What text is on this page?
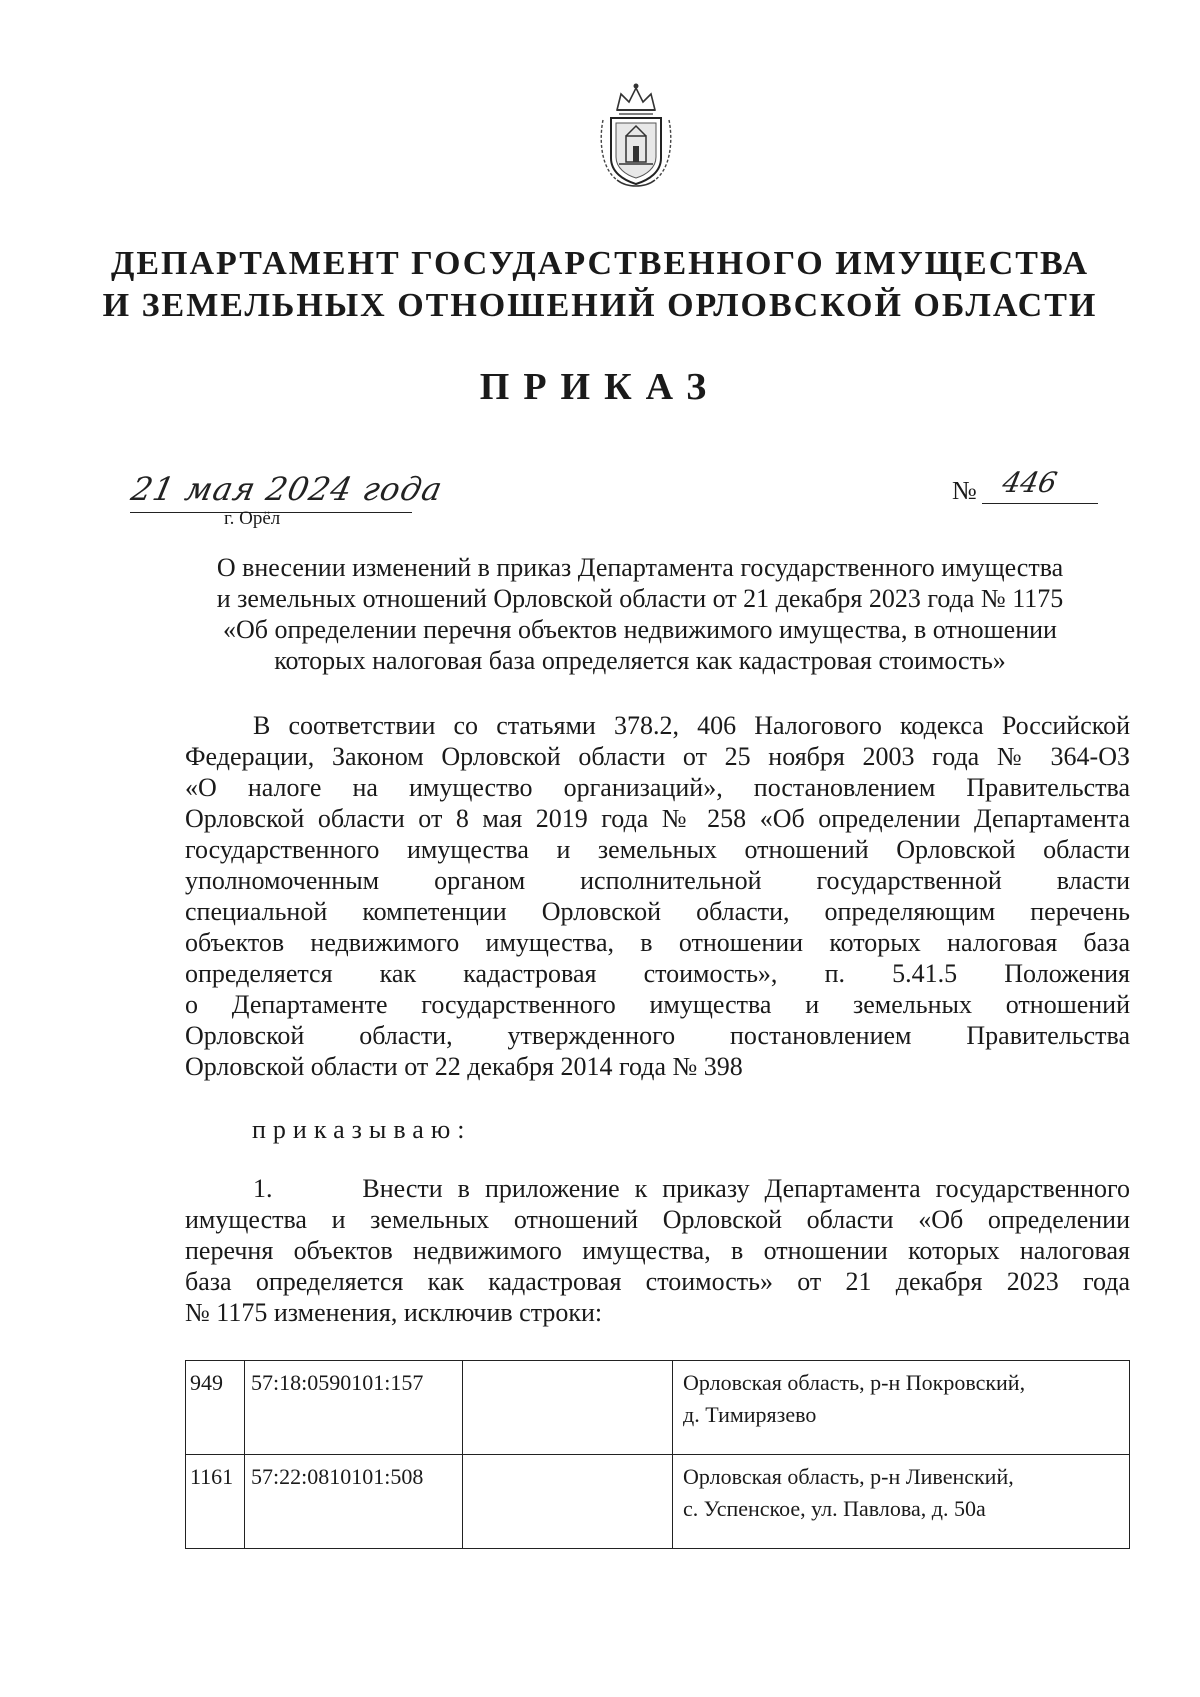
ДЕПАРТАМЕНТ ГОСУДАРСТВЕННОГО ИМУЩЕСТВА
И ЗЕМЕЛЬНЫХ ОТНОШЕНИЙ ОРЛОВСКОЙ ОБЛАСТИ
ПРИКАЗ
21 мая 2024 года
г. Орёл
№ 446
О внесении изменений в приказ Департамента государственного имущества
и земельных отношений Орловской области от 21 декабря 2023 года № 1175
«Об определении перечня объектов недвижимого имущества, в отношении
которых налоговая база определяется как кадастровая стоимость»
В соответствии со статьями 378.2, 406 Налогового кодекса Российской
Федерации, Законом Орловской области от 25 ноября 2003 года № 364-ОЗ
«О налоге на имущество организаций», постановлением Правительства
Орловской области от 8 мая 2019 года № 258 «Об определении Департамента
государственного имущества и земельных отношений Орловской области
уполномоченным органом исполнительной государственной власти
специальной компетенции Орловской области, определяющим перечень
объектов недвижимого имущества, в отношении которых налоговая база
определяется как кадастровая стоимость», п. 5.41.5 Положения
о Департаменте государственного имущества и земельных отношений
Орловской области, утвержденного постановлением Правительства
Орловской области от 22 декабря 2014 года № 398
приказываю:
1.      Внести в приложение к приказу Департамента государственного
имущества и земельных отношений Орловской области «Об определении
перечня объектов недвижимого имущества, в отношении которых налоговая
база определяется как кадастровая стоимость» от 21 декабря 2023 года
№ 1175 изменения, исключив строки:
949	57:18:0590101:157		Орловская область, р-н Покровский,
д. Тимирязево

1161	57:22:0810101:508		Орловская область, р-н Ливенский,
с. Успенское, ул. Павлова, д. 50а
